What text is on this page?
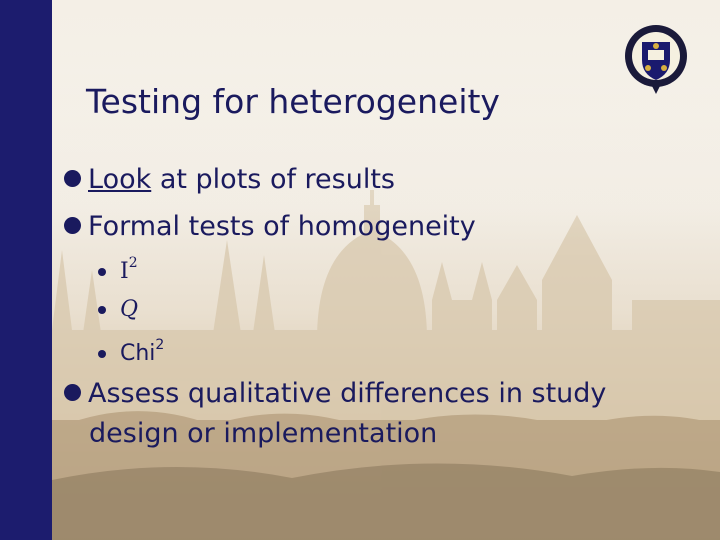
Testing for heterogeneity
Look at plots of results
Formal tests of homogeneity
$I^2$
Q
Chi$^2$
Assess qualitative differences in study
design or implementation
